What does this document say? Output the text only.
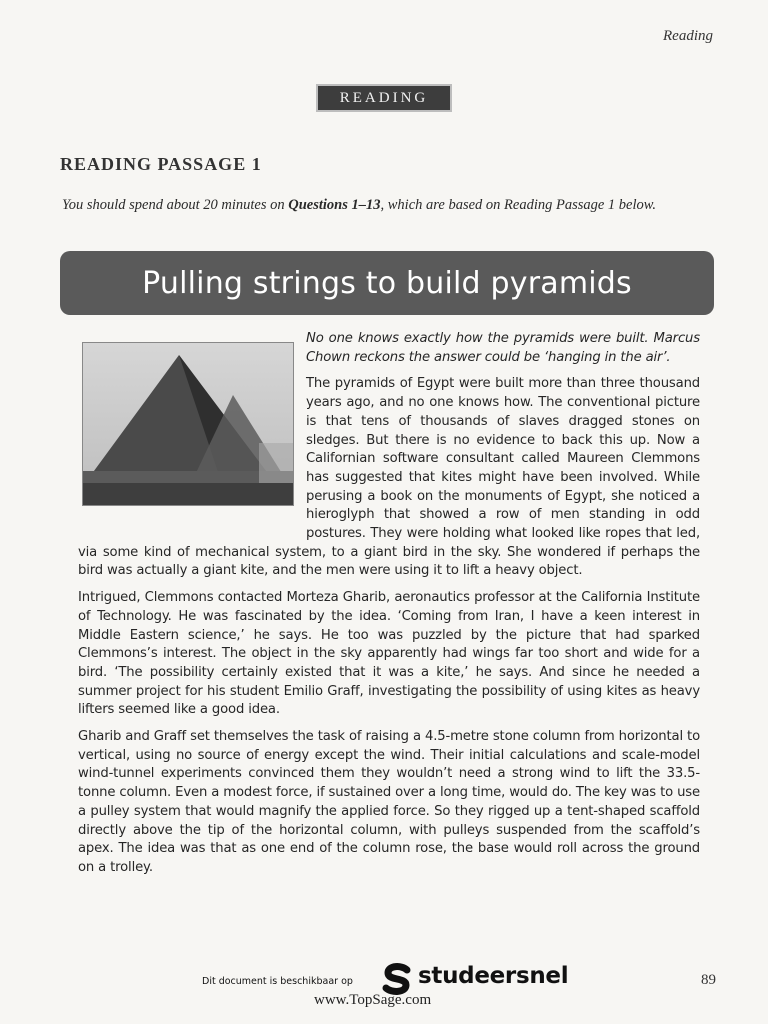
Reading
READING
READING PASSAGE 1
You should spend about 20 minutes on Questions 1–13, which are based on Reading Passage 1 below.
Pulling strings to build pyramids

No one knows exactly how the pyramids were built. Marcus Chown reckons the answer could be ‘hanging in the air’.

The pyramids of Egypt were built more than three thousand years ago, and no one knows how. The conventional picture is that tens of thousands of slaves dragged stones on sledges. But there is no evidence to back this up. Now a Californian software consultant called Maureen Clemmons has suggested that kites might have been involved. While perusing a book on the monuments of Egypt, she noticed a hieroglyph that showed a row of men standing in odd postures. They were holding what looked like ropes that led, via some kind of mechanical system, to a giant bird in the sky. She wondered if perhaps the bird was actually a giant kite, and the men were using it to lift a heavy object.

Intrigued, Clemmons contacted Morteza Gharib, aeronautics professor at the California Institute of Technology. He was fascinated by the idea. ‘Coming from Iran, I have a keen interest in Middle Eastern science,’ he says. He too was puzzled by the picture that had sparked Clemmons’s interest. The object in the sky apparently had wings far too short and wide for a bird. ‘The possibility certainly existed that it was a kite,’ he says. And since he needed a summer project for his student Emilio Graff, investigating the possibility of using kites as heavy lifters seemed like a good idea.

Gharib and Graff set themselves the task of raising a 4.5-metre stone column from horizontal to vertical, using no source of energy except the wind. Their initial calculations and scale-model wind-tunnel experiments convinced them they wouldn’t need a strong wind to lift the 33.5-tonne column. Even a modest force, if sustained over a long time, would do. The key was to use a pulley system that would magnify the applied force. So they rigged up a tent-shaped scaffold directly above the tip of the horizontal column, with pulleys suspended from the scaffold’s apex. The idea was that as one end of the column rose, the base would roll across the ground on a trolley.

Dit document is beschikbaar op	studeersnel
www.TopSage.com
89
